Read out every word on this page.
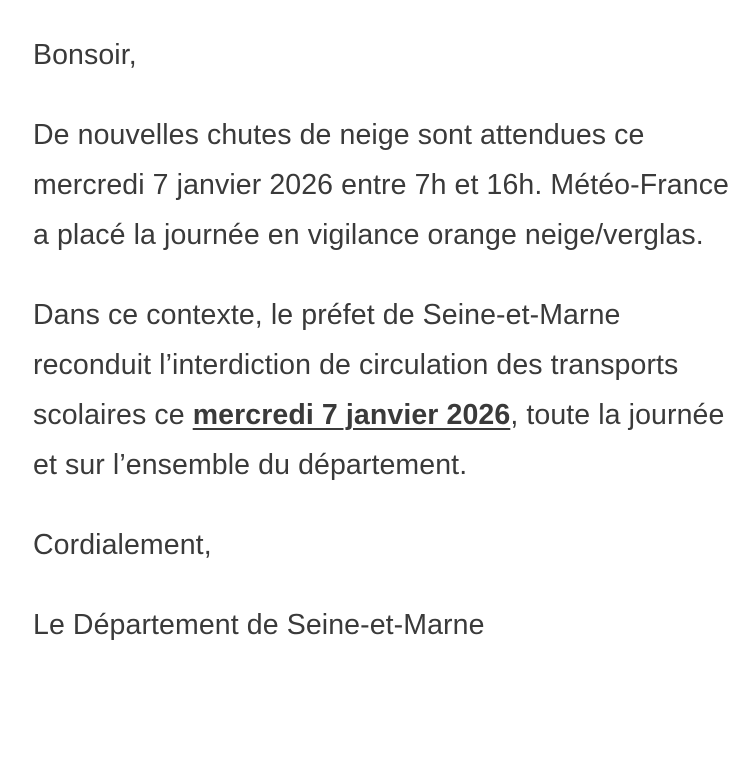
Bonsoir,

De nouvelles chutes de neige sont attendues ce mercredi 7 janvier 2026 entre 7h et 16h. Météo-France a placé la journée en vigilance orange neige/verglas.

Dans ce contexte, le préfet de Seine-et-Marne reconduit l’interdiction de circulation des transports scolaires ce mercredi 7 janvier 2026, toute la journée et sur l’ensemble du département.

Cordialement,

Le Département de Seine-et-Marne
